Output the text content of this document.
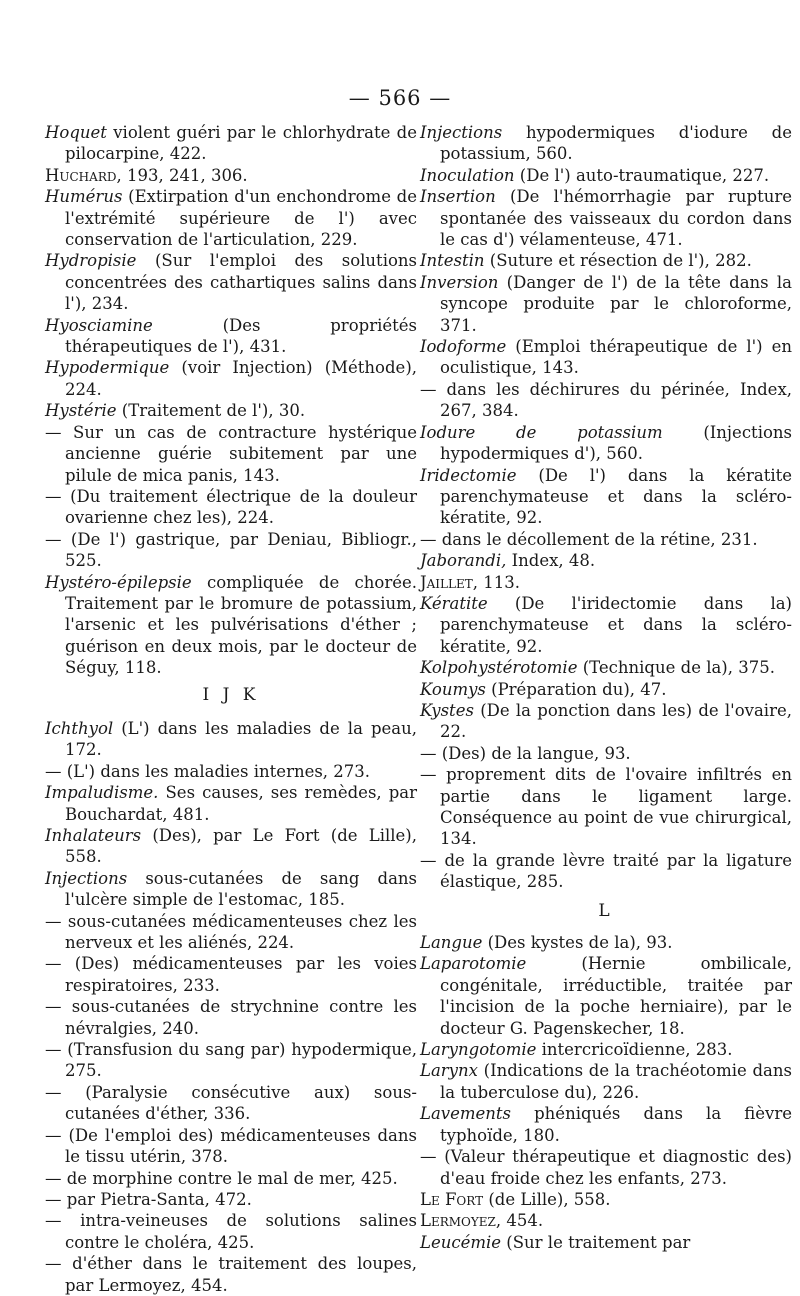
— 566 —

Hoquet violent guéri par le chlorhydrate de pilocarpine, 422.

Huchard, 193, 241, 306.

Humérus (Extirpation d'un enchondrome de l'extrémité supérieure de l') avec conservation de l'articulation, 229.

Hydropisie (Sur l'emploi des solutions concentrées des cathartiques salins dans l'), 234.

Hyosciamine (Des propriétés thérapeutiques de l'), 431.

Hypodermique (voir Injection) (Méthode), 224.

Hystérie (Traitement de l'), 30.

— Sur un cas de contracture hystérique ancienne guérie subitement par une pilule de mica panis, 143.

— (Du traitement électrique de la douleur ovarienne chez les), 224.

— (De l') gastrique, par Deniau, Bibliogr., 525.

Hystéro-épilepsie compliquée de chorée. Traitement par le bromure de potassium, l'arsenic et les pulvérisations d'éther ; guérison en deux mois, par le docteur de Séguy, 118.

I J K

Ichthyol (L') dans les maladies de la peau, 172.

— (L') dans les maladies internes, 273.

Impaludisme. Ses causes, ses remèdes, par Bouchardat, 481.

Inhalateurs (Des), par Le Fort (de Lille), 558.

Injections sous-cutanées de sang dans l'ulcère simple de l'estomac, 185.

— sous-cutanées médicamenteuses chez les nerveux et les aliénés, 224.

— (Des) médicamenteuses par les voies respiratoires, 233.

— sous-cutanées de strychnine contre les névralgies, 240.

— (Transfusion du sang par) hypodermique, 275.

— (Paralysie consécutive aux) sous-cutanées d'éther, 336.

— (De l'emploi des) médicamenteuses dans le tissu utérin, 378.

— de morphine contre le mal de mer, 425.

— par Pietra-Santa, 472.

— intra-veineuses de solutions salines contre le choléra, 425.

— d'éther dans le traitement des loupes, par Lermoyez, 454.

Injections hypodermiques d'iodure de potassium, 560.

Inoculation (De l') auto-traumatique, 227.

Insertion (De l'hémorrhagie par rupture spontanée des vaisseaux du cordon dans le cas d') vélamenteuse, 471.

Intestin (Suture et résection de l'), 282.

Inversion (Danger de l') de la tête dans la syncope produite par le chloroforme, 371.

Iodoforme (Emploi thérapeutique de l') en oculistique, 143.

— dans les déchirures du périnée, Index, 267, 384.

Iodure de potassium (Injections hypodermiques d'), 560.

Iridectomie (De l') dans la kératite parenchymateuse et dans la scléro-kératite, 92.

— dans le décollement de la rétine, 231.

Jaborandi, Index, 48.

Jaillet, 113.

Kératite (De l'iridectomie dans la) parenchymateuse et dans la scléro-kératite, 92.

Kolpohystérotomie (Technique de la), 375.

Koumys (Préparation du), 47.

Kystes (De la ponction dans les) de l'ovaire, 22.

— (Des) de la langue, 93.

— proprement dits de l'ovaire infiltrés en partie dans le ligament large. Conséquence au point de vue chirurgical, 134.

— de la grande lèvre traité par la ligature élastique, 285.

L

Langue (Des kystes de la), 93.

Laparotomie (Hernie ombilicale, congénitale, irréductible, traitée par l'incision de la poche herniaire), par le docteur G. Pagenskecher, 18.

Laryngotomie intercricoïdienne, 283.

Larynx (Indications de la trachéotomie dans la tuberculose du), 226.

Lavements phéniqués dans la fièvre typhoïde, 180.

— (Valeur thérapeutique et diagnostic des) d'eau froide chez les enfants, 273.

Le Fort (de Lille), 558.

Lermoyez, 454.

Leucémie (Sur le traitement par
